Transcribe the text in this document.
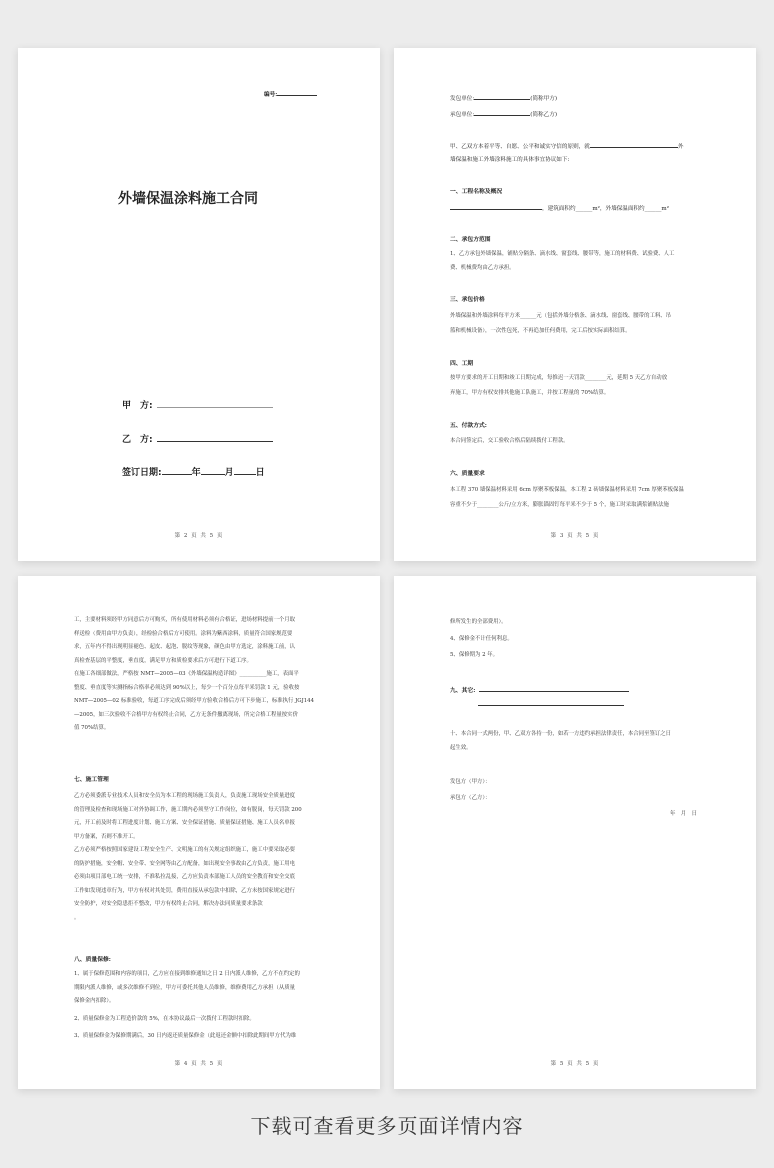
编号:
外墙保温涂料施工合同
甲　方:
乙　方:
签订日期:	年	月 日
第 2 页 共 5 页
发包单位:	(简称甲方)
承包单位:	(简称乙方)
甲、乙双方本着平等、自愿、公平和诚实守信的原则，就	外
墙保温和施工外墙涂料施工的具体事宜协议如下:
一、工程名称及概况
，建筑面积约______m²，外墙保温面积约______m²
二、承包方范围
1、乙方承包外墙保温，铺贴分隔条、滴水线、窗套线、腰带等，施工的材料费、试验费、人工
费、机械费均由乙方承担。
三、承包价格
外墙保温和外墙涂料每平方米______元（包括外墙分格条、滴水线、窗套线、腰带的工料、吊
篮和机械设备），一次性包死，不再追加任何费用，完工后按实际面积结算。
四、工期
按甲方要求的开工日期和竣工日期完成，每推迟一天罚款________元，延期 5 天乙方自动放
弃施工，甲方有权安排其他施工队施工，并按工程量的 70%结算。
五、付款方式:
本合同签定后，交工验收合格后陆续拨付工程款。
六、质量要求
本工程 370 墙保温材料采用 6cm 厚聚苯板保温，本工程 2 砖墙保温材料采用 7cm 厚聚苯板保温
容重不少于________公斤/立方米，膨胀锚固钉每平米不少于 5 个，施工时采取满浆铺贴法施
第 3 页 共 5 页
工，主要材料须经甲方同意后方可购买，所有使用材料必须有合格证，进场材料提前一个月取
样送检（费用由甲方负责），经检验合格后方可使用。涂料为紫西涂料，质量符合国家规范要
求，五年内不得出现明显褪色、起皮、起泡、脱纹等现象，颜色由甲方选定，涂料施工前，认
真检查基层的平整度，垂直度，满足甲方和质检要求后方可进行下道工序。
在施工各细部做法，严格按 NMT—2005—03《外墙保温构造详图》__________施工，表面平
整度、垂直度等实测指标合格率必须达到 90%以上，每少一个百分点每平米罚款 1 元，验收按
NMT—2005—02 标准验收，每道工序完成后须经甲方验收合格后方可下步施工，标准执行 JGJ144
—2005，如三次验收不合格甲方有权终止合同，乙方无条件撤离现场，所完合格工程量按实价
值 70%结算。
七、施工管理
乙方必须委派专业技术人员和安全员为本工程的现场施工负责人，负责施工现场安全质量进度
的管理及检查和现场施工对外协调工作，施工期内必须坚守工作岗位，如有脱岗，每天罚款 200
元，开工前及时将工程进度计划、施工方案、安全保证措施、质量保证措施、施工人员名单报
甲方备案，否则不准开工。
乙方必须严格按照国家建设工程安全生产、文明施工的有关规定组织施工，施工中要采取必要
的防护措施，安全帽、安全带、安全网等由乙方配备，如出现安全事故由乙方负责，施工用电
必须由项目部电工统一安排，不准私拉乱接，乙方应负责本部施工人员的安全教育和安全交底
工作如发现违章行为，甲方有权对其处罚，费用直接从承包款中扣除，乙方未按国家规定进行
安全防护，对安全隐患拒不整改，甲方有权终止合同，解决办法同质量要求条款
。
八、质量保修:
1、属于保修范围和内容的项目，乙方应在接到维修通知之日 2 日内派人维修，乙方不在约定的
期限内派人维修，或多次维修不到位，甲方可委托其他人员维修，维修费用乙方承担（从质量
保修金内扣除）。
2、质量保修金为工程造价款的 5%，在本协议最后一次拨付工程款时扣除。
3、质量保修金为保修期满后，30 日内返还质量保修金（此返还金额中扣除此期间甲方代为维
第 4 页 共 5 页
修所发生的全部费用）。
4、保修金不计任何利息。
5、保修期为 2 年。
九、其它:
十、本合同一式两份，甲、乙双方各持一份，如若一方违约承担法律责任，本合同至签订之日
起生效。
发包方（甲方）：
承包方（乙方）：
年　月　日
第 5 页 共 5 页
下载可查看更多页面详情内容
